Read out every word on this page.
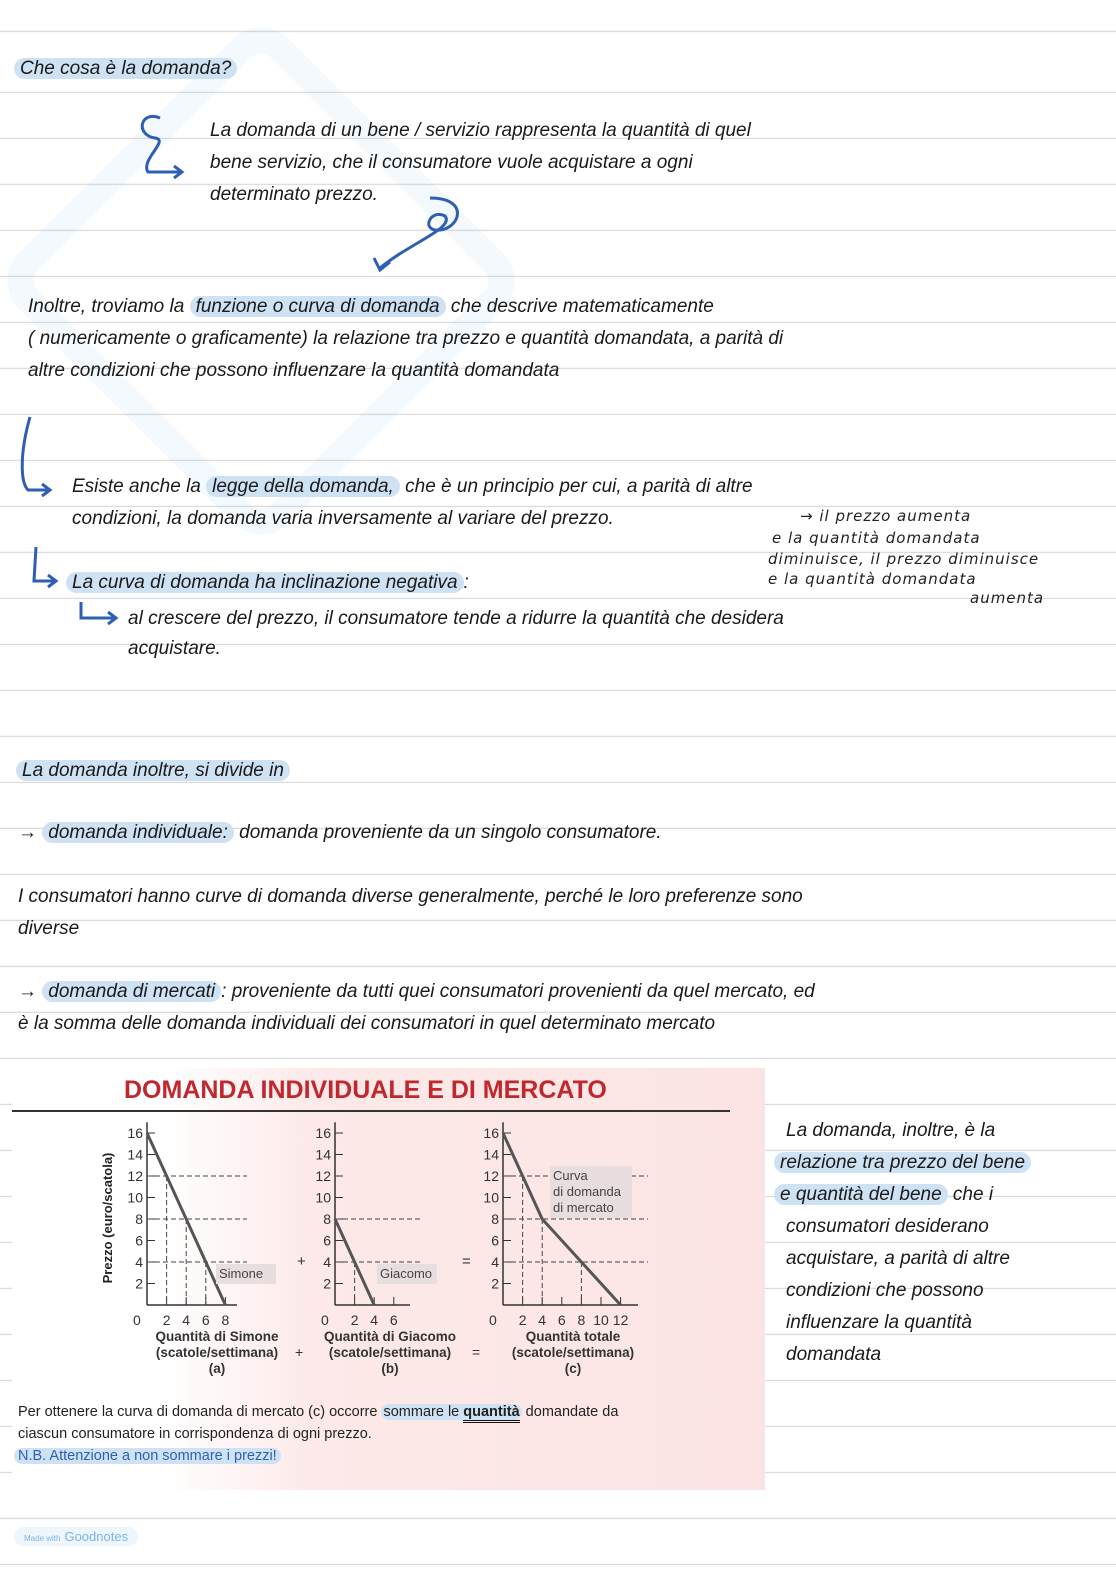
Che cosa è la domanda?
La domanda di un bene / servizio rappresenta la quantità di quel
bene servizio, che il consumatore vuole acquistare a ogni
determinato prezzo.
Inoltre, troviamo la funzione o curva di domanda che descrive matematicamente
( numericamente o graficamente) la relazione tra prezzo e quantità domandata, a parità di
altre condizioni che possono influenzare la quantità domandata
Esiste anche la legge della domanda, che è un principio per cui, a parità di altre
condizioni, la domanda varia inversamente al variare del prezzo.	→ il prezzo aumenta
e la quantità domandata
diminuisce, il prezzo diminuisce
e la quantità domandata
aumenta
La curva di domanda ha inclinazione negativa :
al crescere del prezzo, il consumatore tende a ridurre la quantità che desidera
acquistare.
La domanda inoltre, si divide in
→ domanda individuale: domanda proveniente da un singolo consumatore.
I consumatori hanno curve di domanda diverse generalmente, perché le loro preferenze sono
diverse
→ domanda di mercati : proveniente da tutti quei consumatori provenienti da quel mercato, ed
è la somma delle domanda individuali dei consumatori in quel determinato mercato
DOMANDA INDIVIDUALE E DI MERCATO
Prezzo (euro/scatola)	+	=
+	=
2
4
6
8
10
12
14
16
0 2 4 6 8
Simone
Quantità di Simone
(scatole/settimana)
(a)
2
4
6
8
10
12
14
16
0 2 4 6
Giacomo
Quantità di Giacomo
(scatole/settimana)
(b)
2
4
6
8
10
12
14
16
0 2 4 6 8 10 12
Curva
di domanda
di mercato
Quantità totale
(scatole/settimana)
(c)
Per ottenere la curva di domanda di mercato (c) occorre sommare le quantità domandate da
ciascun consumatore in corrispondenza di ogni prezzo.
N.B. Attenzione a non sommare i prezzi!
La domanda, inoltre, è la
relazione tra prezzo del bene
e quantità del bene che i
consumatori desiderano
acquistare, a parità di altre
condizioni che possono
influenzare la quantità
domandata
Made with Goodnotes
